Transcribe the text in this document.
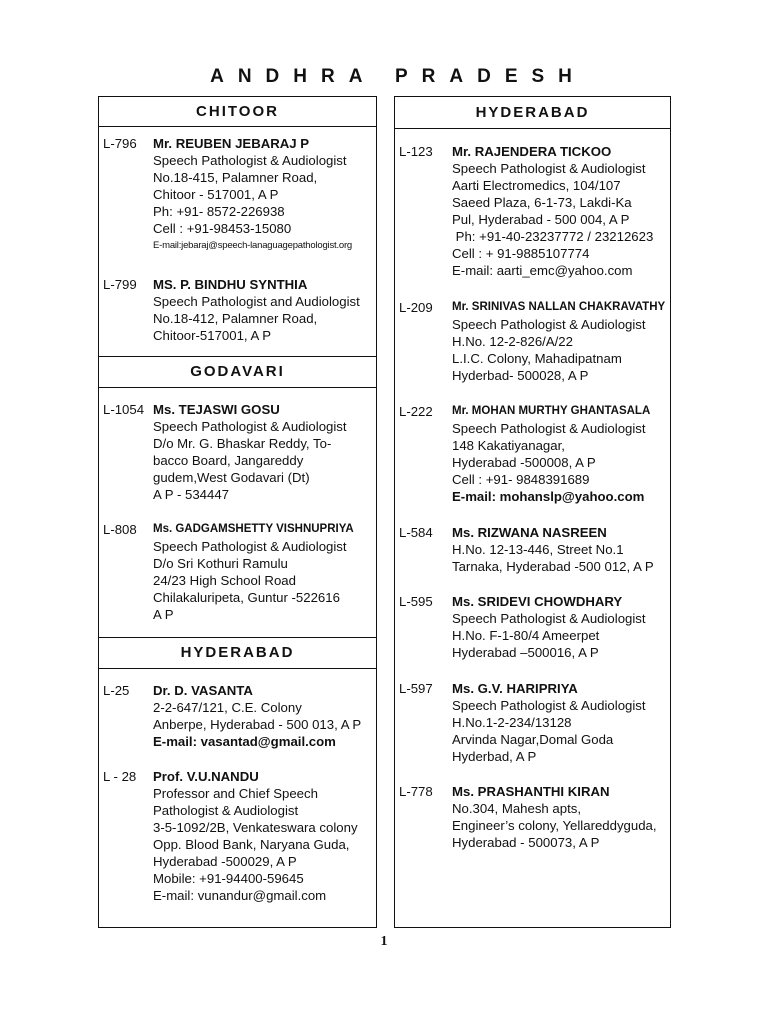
ANDHRA PRADESH
CHITOOR
L-796 Mr. REUBEN JEBARAJ P
Speech Pathologist & Audiologist
No.18-415, Palamner Road,
Chitoor - 517001, A P
Ph: +91- 8572-226938
Cell : +91-98453-15080
E-mail:jebaraj@speech-lanaguagepathologist.org
L-799 MS. P. BINDHU SYNTHIA
Speech Pathologist and Audiologist
No.18-412, Palamner Road,
Chitoor-517001, A P
GODAVARI
L-1054 Ms. TEJASWI GOSU
Speech Pathologist & Audiologist
D/o Mr. G. Bhaskar Reddy, To-
bacco Board, Jangareddy
gudem,West Godavari (Dt)
A P - 534447
L-808 Ms. GADGAMSHETTY VISHNUPRIYA
Speech Pathologist & Audiologist
D/o Sri Kothuri Ramulu
24/23 High School Road
Chilakaluripeta, Guntur -522616
A P
HYDERABAD
L-25 Dr. D. VASANTA
2-2-647/121, C.E. Colony
Anberpe, Hyderabad - 500 013, A P
E-mail: vasantad@gmail.com
L - 28 Prof. V.U.NANDU
Professor and Chief Speech
Pathologist & Audiologist
3-5-1092/2B, Venkateswara colony
Opp. Blood Bank, Naryana Guda,
Hyderabad -500029, A P
Mobile: +91-94400-59645
E-mail: vunandur@gmail.com
HYDERABAD
L-123 Mr. RAJENDERA TICKOO
Speech Pathologist & Audiologist
Aarti Electromedics, 104/107
Saeed Plaza, 6-1-73, Lakdi-Ka
Pul, Hyderabad - 500 004, A P
Ph: +91-40-23237772 / 23212623
Cell : + 91-9885107774
E-mail: aarti_emc@yahoo.com
L-209 Mr. SRINIVAS NALLAN CHAKRAVATHY
Speech Pathologist & Audiologist
H.No. 12-2-826/A/22
L.I.C. Colony, Mahadipatnam
Hyderbad- 500028, A P
L-222 Mr. MOHAN MURTHY GHANTASALA
Speech Pathologist & Audiologist
148 Kakatiyanagar,
Hyderabad -500008, A P
Cell : +91- 9848391689
E-mail: mohanslp@yahoo.com
L-584 Ms. RIZWANA NASREEN
H.No. 12-13-446, Street No.1
Tarnaka, Hyderabad -500 012, A P
L-595 Ms. SRIDEVI CHOWDHARY
Speech Pathologist & Audiologist
H.No. F-1-80/4 Ameerpet
Hyderabad –500016, A P
L-597 Ms. G.V. HARIPRIYA
Speech Pathologist & Audiologist
H.No.1-2-234/13128
Arvinda Nagar,Domal Goda
Hyderbad, A P
L-778 Ms. PRASHANTHI KIRAN
No.304, Mahesh apts,
Engineer’s colony, Yellareddyguda,
Hyderabad - 500073, A P
1
